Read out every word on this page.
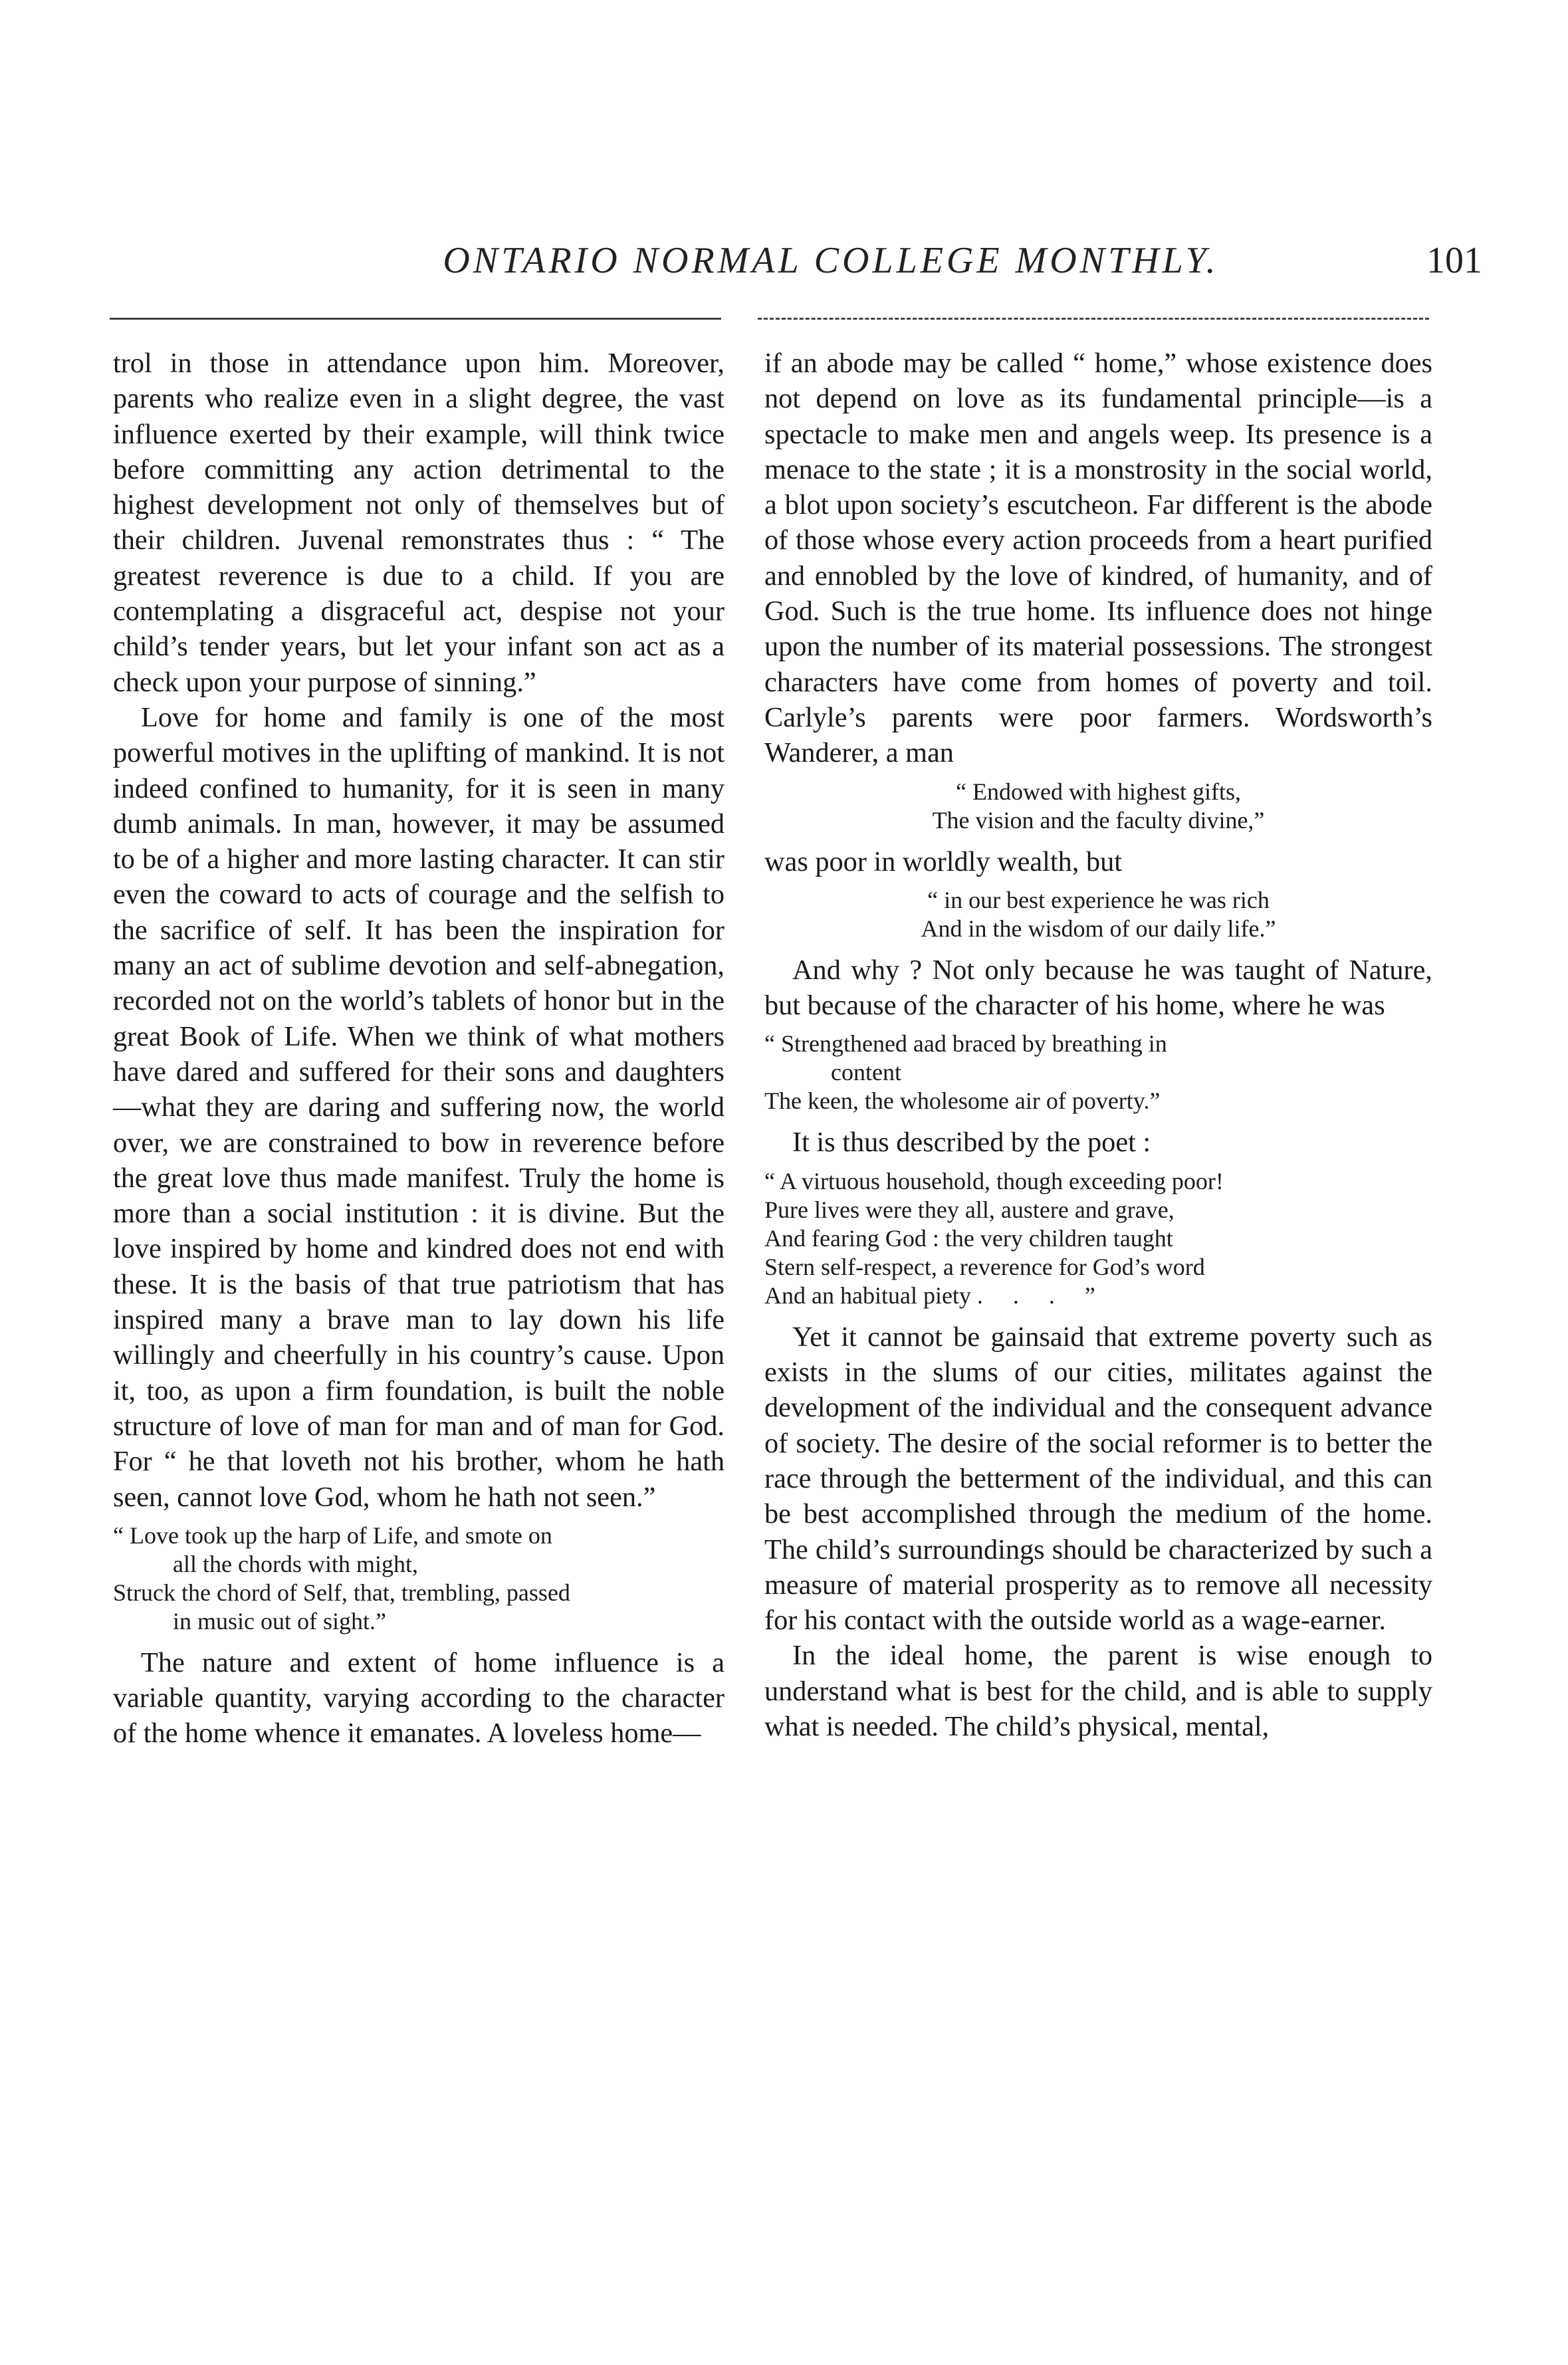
ONTARIO NORMAL COLLEGE MONTHLY.	101

trol in those in attendance upon him. Moreover, parents who realize even in a slight degree, the vast influence exerted by their example, will think twice before committing any action detrimental to the highest development not only of themselves but of their children. Juvenal remonstrates thus : “ The greatest reverence is due to a child. If you are contemplating a disgraceful act, despise not your child’s tender years, but let your infant son act as a check upon your purpose of sinning.”

Love for home and family is one of the most powerful motives in the uplifting of mankind. It is not indeed confined to humanity, for it is seen in many dumb animals. In man, however, it may be assumed to be of a higher and more lasting character. It can stir even the coward to acts of courage and the selfish to the sacrifice of self. It has been the inspiration for many an act of sublime devotion and self-abnegation, recorded not on the world’s tablets of honor but in the great Book of Life. When we think of what mothers have dared and suffered for their sons and daughters—what they are daring and suffering now, the world over, we are constrained to bow in reverence before the great love thus made manifest. Truly the home is more than a social institution : it is divine. But the love inspired by home and kindred does not end with these. It is the basis of that true patriotism that has inspired many a brave man to lay down his life willingly and cheerfully in his country’s cause. Upon it, too, as upon a firm foundation, is built the noble structure of love of man for man and of man for God. For “ he that loveth not his brother, whom he hath seen, cannot love God, whom he hath not seen.”

“ Love took up the harp of Life, and smote on
all the chords with might,
Struck the chord of Self, that, trembling, passed
in music out of sight.”

The nature and extent of home influence is a variable quantity, varying according to the character of the home whence it emanates. A loveless home—

if an abode may be called “ home,” whose existence does not depend on love as its fundamental principle—is a spectacle to make men and angels weep. Its presence is a menace to the state ; it is a monstrosity in the social world, a blot upon society’s escutcheon. Far different is the abode of those whose every action proceeds from a heart purified and ennobled by the love of kindred, of humanity, and of God. Such is the true home. Its influence does not hinge upon the number of its material possessions. The strongest characters have come from homes of poverty and toil. Carlyle’s parents were poor farmers. Wordsworth’s Wanderer, a man

“ Endowed with highest gifts,
The vision and the faculty divine,”

was poor in worldly wealth, but

“ in our best experience he was rich
And in the wisdom of our daily life.”

And why ? Not only because he was taught of Nature, but because of the character of his home, where he was

“ Strengthened aad braced by breathing in
content
The keen, the wholesome air of poverty.”

It is thus described by the poet :

“ A virtuous household, though exceeding poor!
Pure lives were they all, austere and grave,
And fearing God : the very children taught
Stern self-respect, a reverence for God’s word
And an habitual piety .     .     .     ”

Yet it cannot be gainsaid that extreme poverty such as exists in the slums of our cities, militates against the development of the individual and the consequent advance of society. The desire of the social reformer is to better the race through the betterment of the individual, and this can be best accomplished through the medium of the home. The child’s surroundings should be characterized by such a measure of material prosperity as to remove all necessity for his contact with the outside world as a wage-earner.

In the ideal home, the parent is wise enough to understand what is best for the child, and is able to supply what is needed. The child’s physical, mental,
